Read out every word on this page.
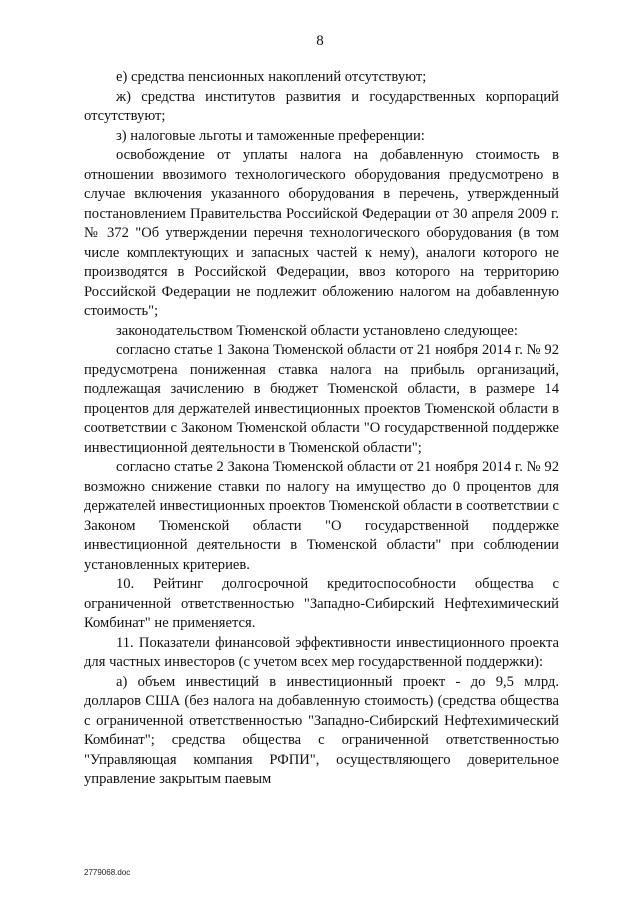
8

е) средства пенсионных накоплений отсутствуют;

ж) средства институтов развития и государственных корпораций отсутствуют;

з) налоговые льготы и таможенные преференции:

освобождение от уплаты налога на добавленную стоимость в отношении ввозимого технологического оборудования предусмотрено в случае включения указанного оборудования в перечень, утвержденный постановлением Правительства Российской Федерации от 30 апреля 2009 г. № 372 "Об утверждении перечня технологического оборудования (в том числе комплектующих и запасных частей к нему), аналоги которого не производятся в Российской Федерации, ввоз которого на территорию Российской Федерации не подлежит обложению налогом на добавленную стоимость";

законодательством Тюменской области установлено следующее:

согласно статье 1 Закона Тюменской области от 21 ноября 2014 г. № 92 предусмотрена пониженная ставка налога на прибыль организаций, подлежащая зачислению в бюджет Тюменской области, в размере 14 процентов для держателей инвестиционных проектов Тюменской области в соответствии с Законом Тюменской области "О государственной поддержке инвестиционной деятельности в Тюменской области";

согласно статье 2 Закона Тюменской области от 21 ноября 2014 г. № 92 возможно снижение ставки по налогу на имущество до 0 процентов для держателей инвестиционных проектов Тюменской области в соответствии с Законом Тюменской области "О государственной поддержке инвестиционной деятельности в Тюменской области" при соблюдении установленных критериев.

10. Рейтинг долгосрочной кредитоспособности общества с ограниченной ответственностью "Западно-Сибирский Нефтехимический Комбинат" не применяется.

11. Показатели финансовой эффективности инвестиционного проекта для частных инвесторов (с учетом всех мер государственной поддержки):

а) объем инвестиций в инвестиционный проект - до 9,5 млрд. долларов США (без налога на добавленную стоимость) (средства общества с ограниченной ответственностью "Западно-Сибирский Нефтехимический Комбинат"; средства общества с ограниченной ответственностью "Управляющая компания РФПИ", осуществляющего доверительное управление закрытым паевым

2779068.doc
